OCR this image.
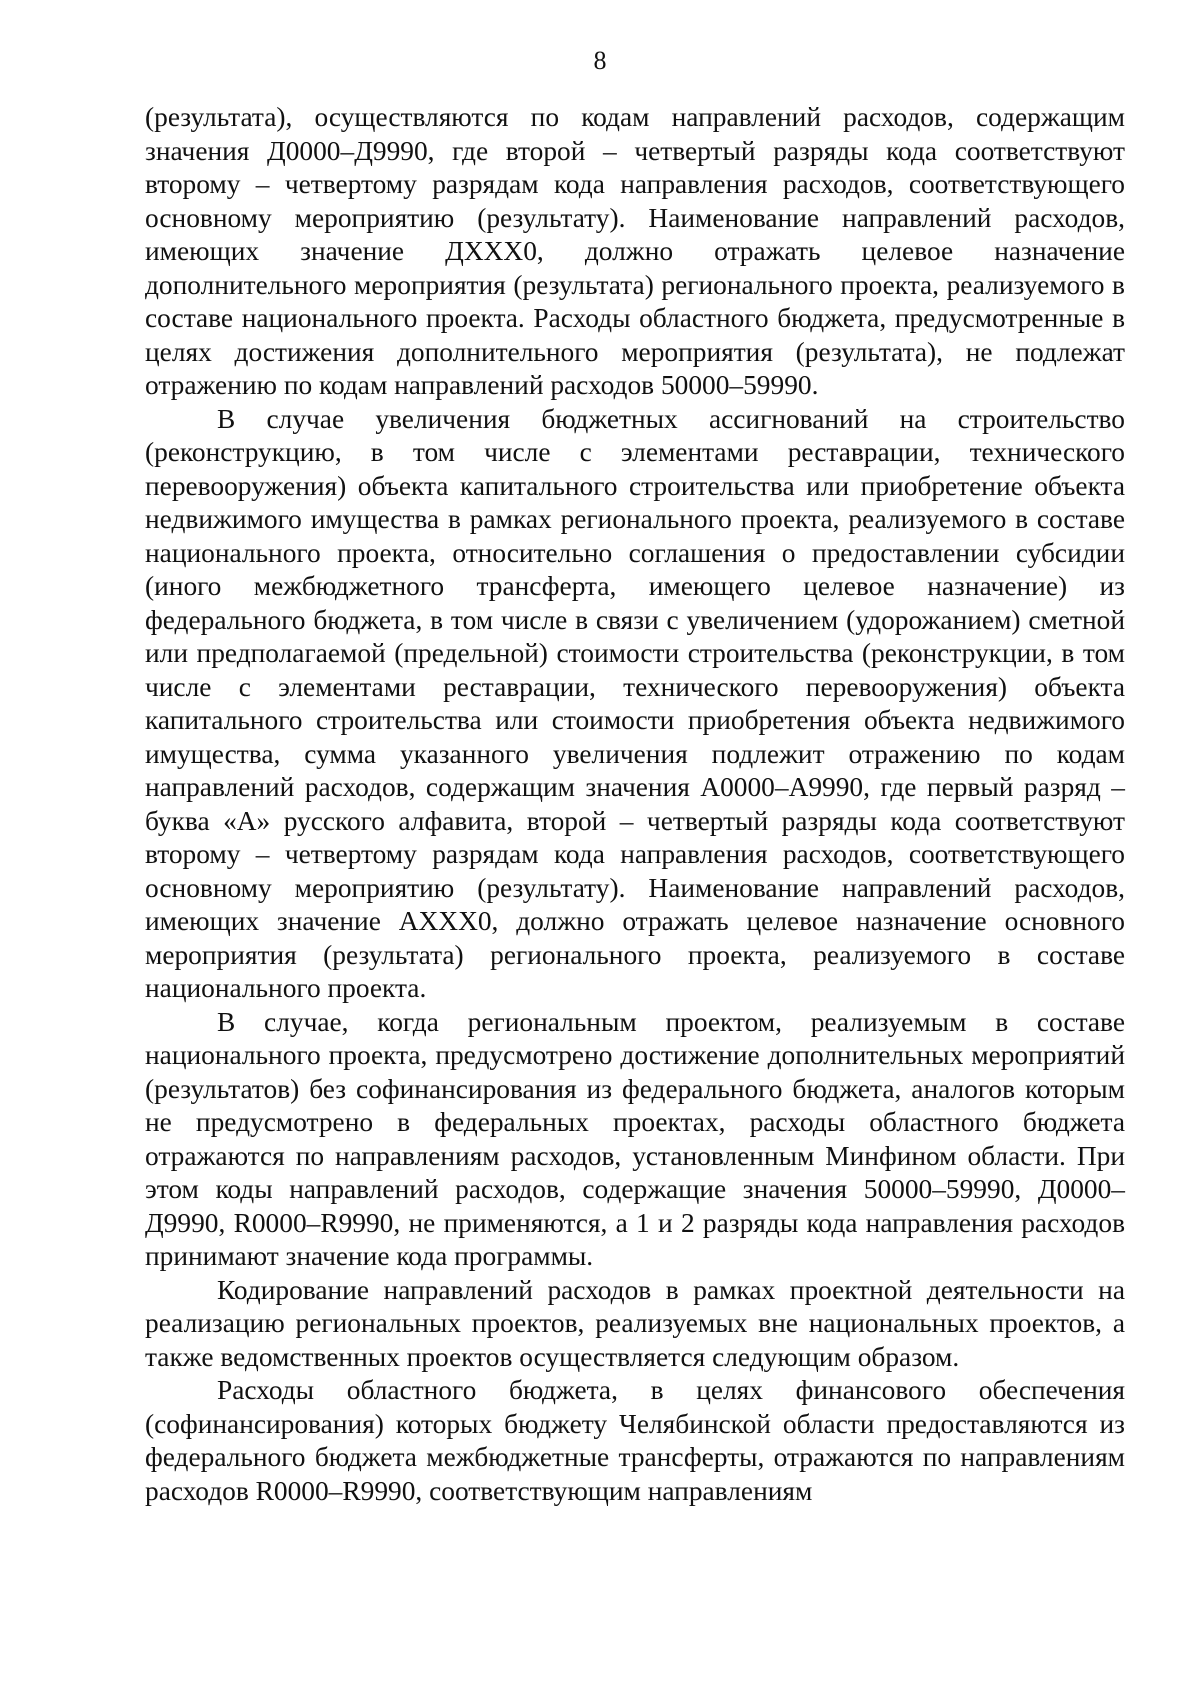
8

(результата), осуществляются по кодам направлений расходов, содержащим значения Д0000–Д9990, где второй – четвертый разряды кода соответствуют второму – четвертому разрядам кода направления расходов, соответствующего основному мероприятию (результату). Наименование направлений расходов, имеющих значение ДХХХ0, должно отражать целевое назначение дополнительного мероприятия (результата) регионального проекта, реализуемого в составе национального проекта. Расходы областного бюджета, предусмотренные в целях достижения дополнительного мероприятия (результата), не подлежат отражению по кодам направлений расходов 50000–59990.

В случае увеличения бюджетных ассигнований на строительство (реконструкцию, в том числе с элементами реставрации, технического перевооружения) объекта капитального строительства или приобретение объекта недвижимого имущества в рамках регионального проекта, реализуемого в составе национального проекта, относительно соглашения о предоставлении субсидии (иного межбюджетного трансферта, имеющего целевое назначение) из федерального бюджета, в том числе в связи с увеличением (удорожанием) сметной или предполагаемой (предельной) стоимости строительства (реконструкции, в том числе с элементами реставрации, технического перевооружения) объекта капитального строительства или стоимости приобретения объекта недвижимого имущества, сумма указанного увеличения подлежит отражению по кодам направлений расходов, содержащим значения А0000–А9990, где первый разряд – буква «А» русского алфавита, второй – четвертый разряды кода соответствуют второму – четвертому разрядам кода направления расходов, соответствующего основному мероприятию (результату). Наименование направлений расходов, имеющих значение АХХХ0, должно отражать целевое назначение основного мероприятия (результата) регионального проекта, реализуемого в составе национального проекта.

В случае, когда региональным проектом, реализуемым в составе национального проекта, предусмотрено достижение дополнительных мероприятий (результатов) без софинансирования из федерального бюджета, аналогов которым не предусмотрено в федеральных проектах, расходы областного бюджета отражаются по направлениям расходов, установленным Минфином области. При этом коды направлений расходов, содержащие значения 50000–59990, Д0000–Д9990, R0000–R9990, не применяются, а 1 и 2 разряды кода направления расходов принимают значение кода программы.

Кодирование направлений расходов в рамках проектной деятельности на реализацию региональных проектов, реализуемых вне национальных проектов, а также ведомственных проектов осуществляется следующим образом.

Расходы областного бюджета, в целях финансового обеспечения (софинансирования) которых бюджету Челябинской области предоставляются из федерального бюджета межбюджетные трансферты, отражаются по направлениям расходов R0000–R9990, соответствующим направлениям
